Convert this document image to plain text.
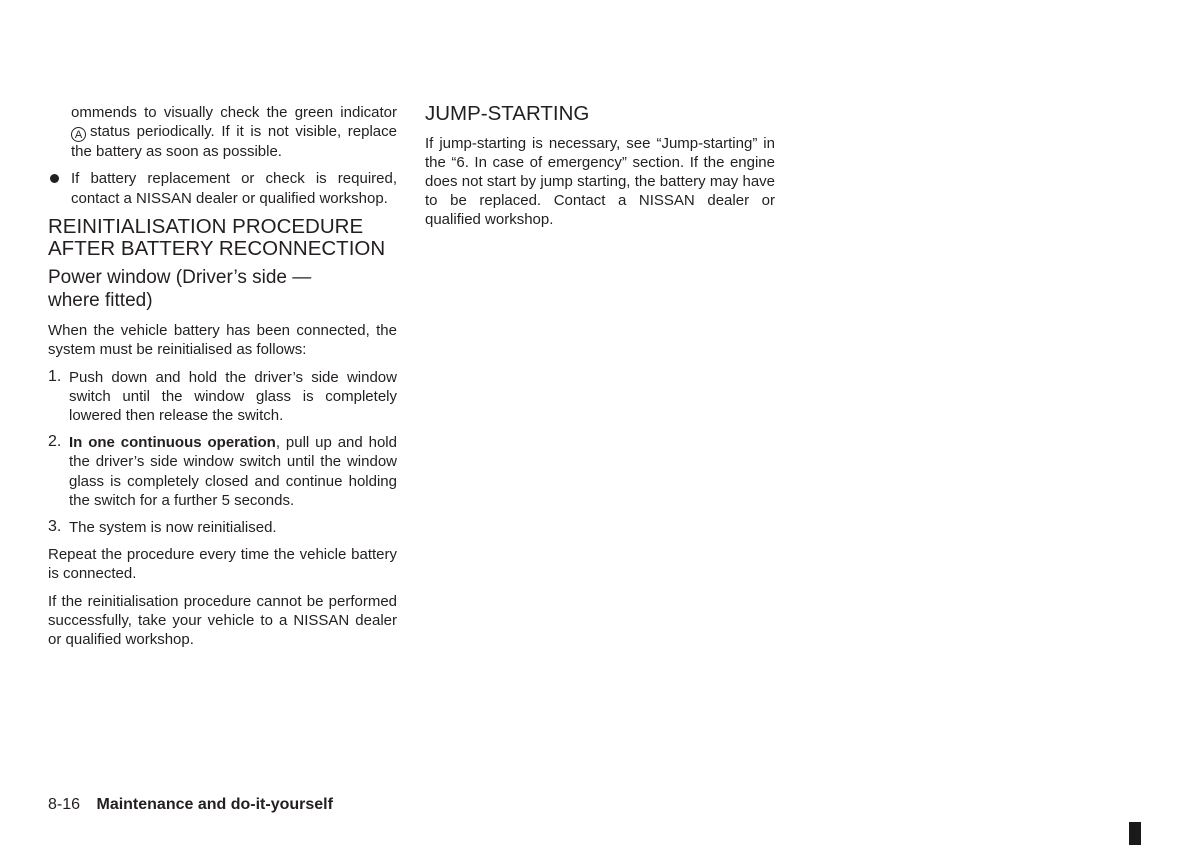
ommends to visually check the green indicator A status periodically. If it is not visible, replace the battery as soon as possible.

If battery replacement or check is required, contact a NISSAN dealer or qualified workshop.

REINITIALISATION PROCEDURE
AFTER BATTERY RECONNECTION
Power window (Driver’s side —
where fitted)

When the vehicle battery has been connected, the system must be reinitialised as follows:

1. Push down and hold the driver’s side window switch until the window glass is completely lowered then release the switch.

2. In one continuous operation, pull up and hold the driver’s side window switch until the window glass is completely closed and continue holding the switch for a further 5 seconds.

3. The system is now reinitialised.

Repeat the procedure every time the vehicle battery is connected.

If the reinitialisation procedure cannot be performed successfully, take your vehicle to a NISSAN dealer or qualified workshop.

JUMP-STARTING

If jump-starting is necessary, see “Jump-starting” in the “6. In case of emergency” section. If the engine does not start by jump starting, the battery may have to be replaced. Contact a NISSAN dealer or qualified workshop.

8-16 Maintenance and do-it-yourself
